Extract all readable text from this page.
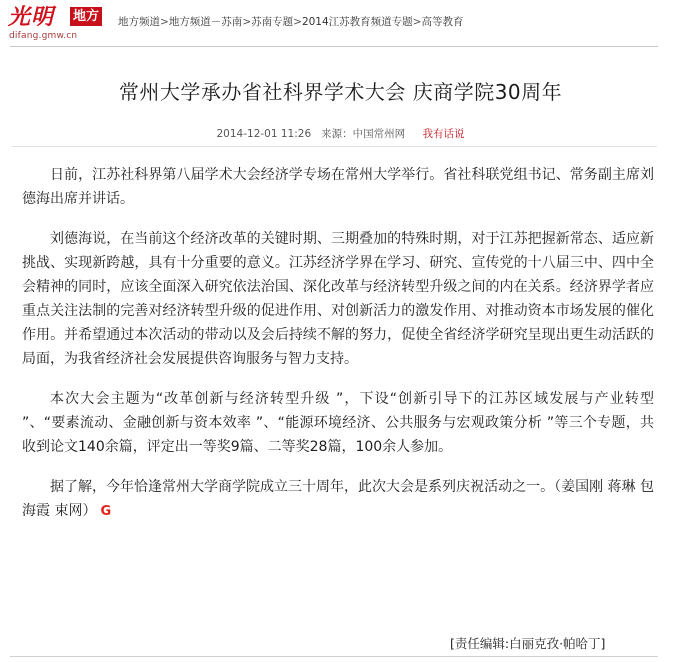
光明 地方
difang.gmw.cn
地方频道>地方频道－苏南>苏南专题>2014江苏教育频道专题>高等教育
常州大学承办省社科界学术大会 庆商学院30周年
2014-12-01 11:26 来源：中国常州网 我有话说

日前，江苏社科界第八届学术大会经济学专场在常州大学举行。省社科联党组书记、常务副主席刘德海出席并讲话。

刘德海说，在当前这个经济改革的关键时期、三期叠加的特殊时期，对于江苏把握新常态、适应新挑战、实现新跨越，具有十分重要的意义。江苏经济学界在学习、研究、宣传党的十八届三中、四中全会精神的同时，应该全面深入研究依法治国、深化改革与经济转型升级之间的内在关系。经济界学者应重点关注法制的完善对经济转型升级的促进作用、对创新活力的激发作用、对推动资本市场发展的催化作用。并希望通过本次活动的带动以及会后持续不解的努力，促使全省经济学研究呈现出更生动活跃的局面，为我省经济社会发展提供咨询服务与智力支持。

本次大会主题为“改革创新与经济转型升级 ”，下设“创新引导下的江苏区域发展与产业转型 ”、“要素流动、金融创新与资本效率 ”、“能源环境经济、公共服务与宏观政策分析 ”等三个专题，共收到论文140余篇，评定出一等奖9篇、二等奖28篇，100余人参加。

据了解，今年恰逢常州大学商学院成立三十周年，此次大会是系列庆祝活动之一。（姜国刚 蒋琳 包海霞 束网） G

[责任编辑:白丽克孜·帕哈丁]
